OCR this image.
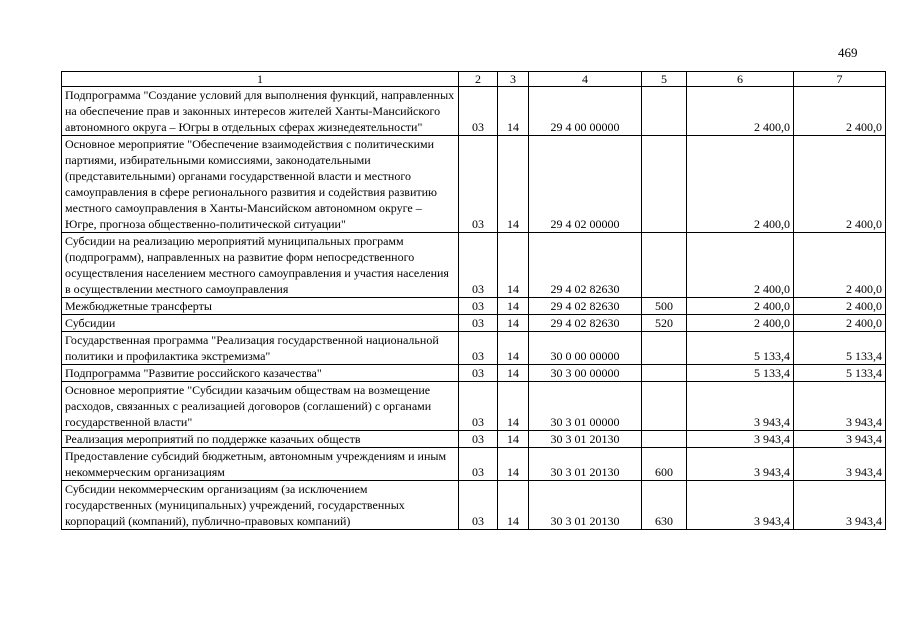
469
1	2	3	4	5	6	7
Подпрограмма "Создание условий для выполнения функций, направленных на обеспечение прав и законных интересов жителей Ханты-Мансийского автономного округа – Югры в отдельных сферах жизнедеятельности"	03	14	29 4 00 00000		2 400,0	2 400,0
Основное мероприятие "Обеспечение взаимодействия с политическими партиями, избирательными комиссиями, законодательными (представительными) органами государственной власти и местного самоуправления в сфере регионального развития и содействия развитию местного самоуправления в Ханты-Мансийском автономном округе – Югре, прогноза общественно-политической ситуации"	03	14	29 4 02 00000		2 400,0	2 400,0
Субсидии на реализацию мероприятий муниципальных программ (подпрограмм), направленных на развитие форм непосредственного осуществления населением местного самоуправления и участия населения в осуществлении местного самоуправления	03	14	29 4 02 82630		2 400,0	2 400,0
Межбюджетные трансферты	03	14	29 4 02 82630	500	2 400,0	2 400,0
Субсидии	03	14	29 4 02 82630	520	2 400,0	2 400,0
Государственная программа "Реализация государственной национальной политики и профилактика экстремизма"	03	14	30 0 00 00000		5 133,4	5 133,4
Подпрограмма "Развитие российского казачества"	03	14	30 3 00 00000		5 133,4	5 133,4
Основное мероприятие "Субсидии казачьим обществам на возмещение расходов, связанных с реализацией договоров (соглашений) с органами государственной власти"	03	14	30 3 01 00000		3 943,4	3 943,4
Реализация мероприятий по поддержке казачьих обществ	03	14	30 3 01 20130		3 943,4	3 943,4
Предоставление субсидий бюджетным, автономным учреждениям и иным некоммерческим организациям	03	14	30 3 01 20130	600	3 943,4	3 943,4
Субсидии некоммерческим организациям (за исключением государственных (муниципальных) учреждений, государственных корпораций (компаний), публично-правовых компаний)	03	14	30 3 01 20130	630	3 943,4	3 943,4
